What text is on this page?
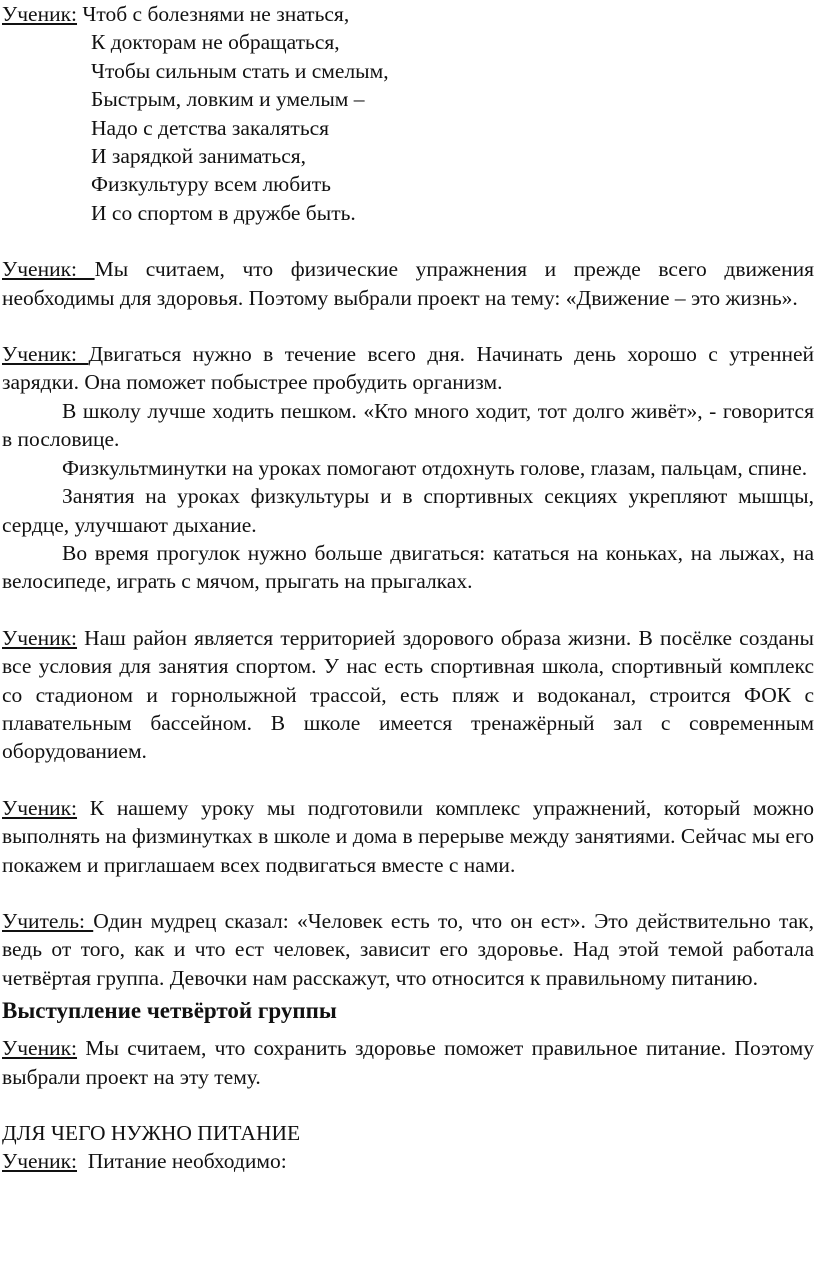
Ученик: Чтоб с болезнями не знаться,
К докторам не обращаться,
Чтобы сильным стать и смелым,
Быстрым, ловким и умелым –
Надо с детства закаляться
И зарядкой заниматься,
Физкультуру всем любить
И со спортом в дружбе быть.

Ученик: Мы считаем, что физические упражнения и прежде всего движения необходимы для здоровья. Поэтому выбрали проект на тему: «Движение – это жизнь».

Ученик: Двигаться нужно в течение всего дня. Начинать день хорошо с утренней зарядки. Она поможет побыстрее пробудить организм.

В школу лучше ходить пешком. «Кто много ходит, тот долго живёт», - говорится в пословице.

Физкультминутки на уроках помогают отдохнуть голове, глазам, пальцам, спине.

Занятия на уроках физкультуры и в спортивных секциях укрепляют мышцы, сердце, улучшают дыхание.

Во время прогулок нужно больше двигаться: кататься на коньках, на лыжах, на велосипеде, играть с мячом, прыгать на прыгалках.

Ученик: Наш район является территорией здорового образа жизни. В посёлке созданы все условия для занятия спортом. У нас есть спортивная школа, спортивный комплекс со стадионом и горнолыжной трассой, есть пляж и водоканал, строится ФОК с плавательным бассейном. В школе имеется тренажёрный зал с современным оборудованием.

Ученик: К нашему уроку мы подготовили комплекс упражнений, который можно выполнять на физминутках в школе и дома в перерыве между занятиями. Сейчас мы его покажем и приглашаем всех подвигаться вместе с нами.

Учитель: Один мудрец сказал: «Человек есть то, что он ест». Это действительно так, ведь от того, как и что ест человек, зависит его здоровье. Над этой темой работала четвёртая группа. Девочки нам расскажут, что относится к правильному питанию.

Выступление четвёртой группы

Ученик: Мы считаем, что сохранить здоровье поможет правильное питание. Поэтому выбрали проект на эту тему.

ДЛЯ ЧЕГО НУЖНО ПИТАНИЕ

Ученик:  Питание необходимо:
